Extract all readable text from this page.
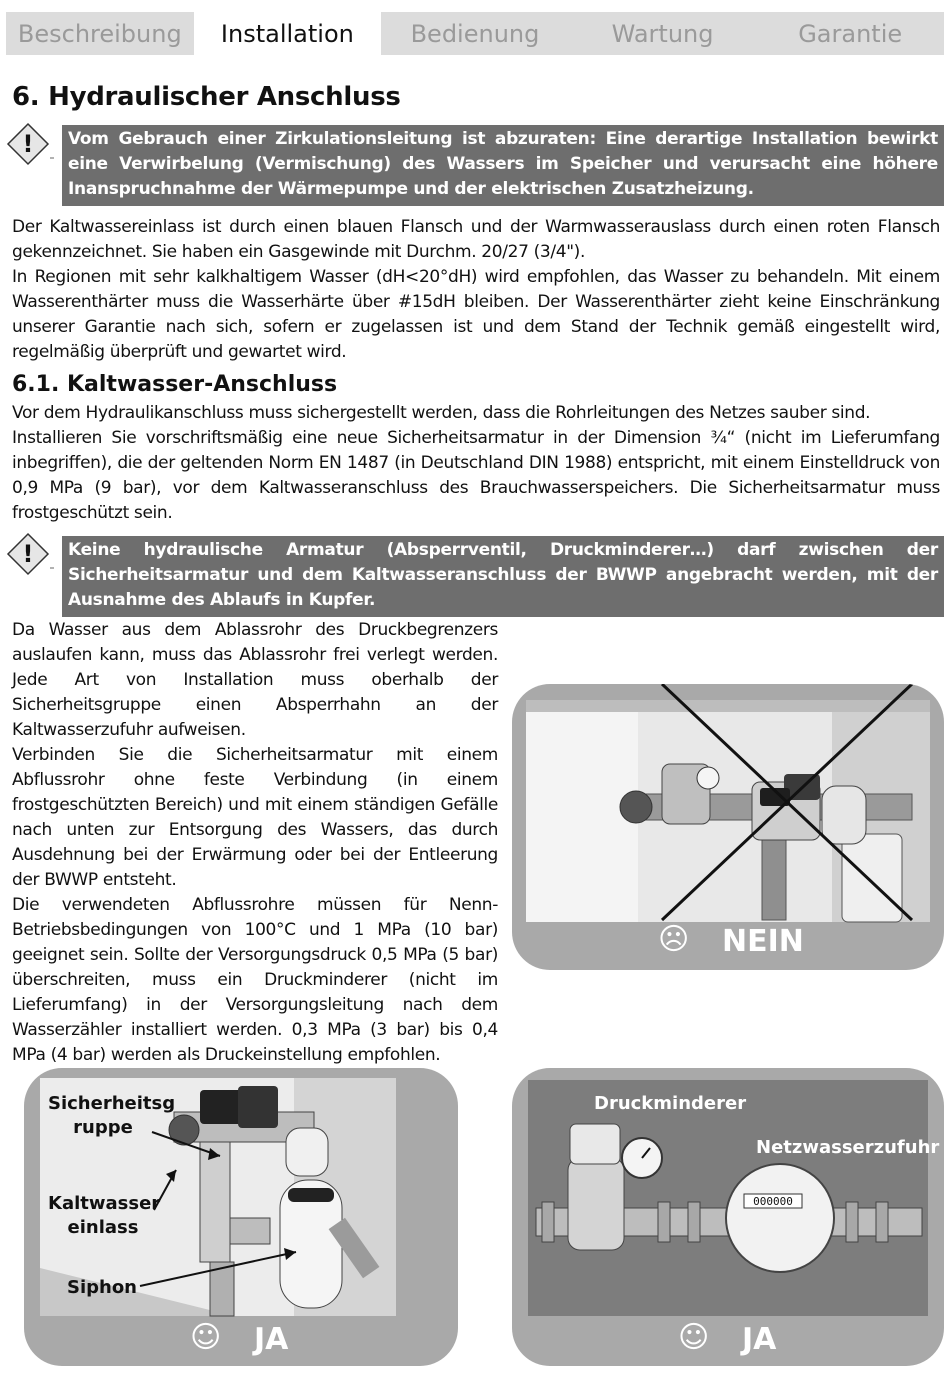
Beschreibung	Installation	Bedienung	Wartung	Garantie
6. Hydraulischer Anschluss
!	Vom Gebrauch einer Zirkulationsleitung ist abzuraten: Eine derartige Installation bewirkt eine Verwirbelung (Vermischung) des Wassers im Speicher und verursacht eine höhere Inanspruchnahme der Wärmepumpe und der elektrischen Zusatzheizung.

Der Kaltwassereinlass ist durch einen blauen Flansch und der Warmwasserauslass durch einen roten Flansch gekennzeichnet. Sie haben ein Gasgewinde mit Durchm. 20/27 (3/4").

In Regionen mit sehr kalkhaltigem Wasser (dH<20°dH) wird empfohlen, das Wasser zu behandeln. Mit einem Wasserenthärter muss die Wasserhärte über #15dH bleiben. Der Wasserenthärter zieht keine Einschränkung unserer Garantie nach sich, sofern er zugelassen ist und dem Stand der Technik gemäß eingestellt wird, regelmäßig überprüft und gewartet wird.

6.1. Kaltwasser-Anschluss

Vor dem Hydraulikanschluss muss sichergestellt werden, dass die Rohrleitungen des Netzes sauber sind.

Installieren Sie vorschriftsmäßig eine neue Sicherheitsarmatur in der Dimension ¾“ (nicht im Lieferumfang inbegriffen), die der geltenden Norm EN 1487 (in Deutschland DIN 1988) entspricht, mit einem Einstelldruck von 0,9 MPa (9 bar), vor dem Kaltwasseranschluss des Brauchwasserspeichers. Die Sicherheitsarmatur muss frostgeschützt sein.

!	Keine hydraulische Armatur (Absperrventil, Druckminderer…) darf zwischen der Sicherheitsarmatur und dem Kaltwasseranschluss der BWWP angebracht werden, mit der Ausnahme des Ablaufs in Kupfer.

Da Wasser aus dem Ablassrohr des Druckbegrenzers auslaufen kann, muss das Ablassrohr frei verlegt werden. Jede Art von Installation muss oberhalb der Sicherheitsgruppe einen Absperrhahn an der Kaltwasserzufuhr aufweisen.

Verbinden Sie die Sicherheitsarmatur mit einem Abflussrohr ohne feste Verbindung (in einem frostgeschützten Bereich) und mit einem ständigen Gefälle nach unten zur Entsorgung des Wassers, das durch Ausdehnung bei der Erwärmung oder bei der Entleerung der BWWP entsteht.

Die verwendeten Abflussrohre müssen für Nenn-Betriebsbedingungen von 100°C und 1 MPa (10 bar) geeignet sein. Sollte der Versorgungsdruck 0,5 MPa (5 bar) überschreiten, muss ein Druckminderer (nicht im Lieferumfang) in der Versorgungsleitung nach dem Wasserzähler installiert werden. 0,3 MPa (3 bar) bis 0,4 MPa (4 bar) werden als Druckeinstellung empfohlen.

☹ NEIN
Sicherheitsg
ruppe
Kaltwasser
einlass
Siphon
☺ JA
000000
Druckminderer
Netzwasserzufuhr
☺ JA
